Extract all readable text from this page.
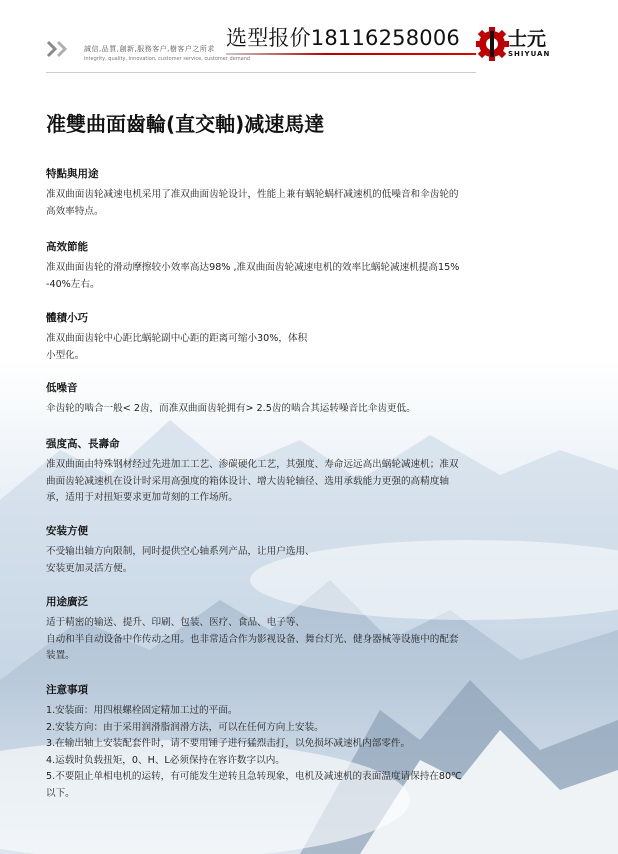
誠信,品質,創新,服務客户,樹客户之所求
integrity, quality, innovation, customer service, customer demand
选型报价18116258006	士元
SHIYUAN
准雙曲面齒輪(直交軸)减速馬達
特點與用途

准双曲面齿轮减速电机采用了准双曲面齿轮设计，性能上兼有蜗轮蜗杆减速机的低噪音和伞齿轮的
高效率特点。

高效節能

准双曲面齿轮的滑动摩擦较小效率高达98% ,准双曲面齿轮减速电机的效率比蜗轮减速机提高15%
-40%左右。

體積小巧

准双曲面齿轮中心距比蜗轮副中心距的距离可缩小30%，体积
小型化。

低噪音

伞齿轮的啮合一般< 2齿，而准双曲面齿轮拥有> 2.5齿的啮合其运转噪音比伞齿更低。

强度高、長壽命

准双曲面由特殊钢材经过先进加工工艺、渗碳硬化工艺，其强度、寿命远远高出蜗轮减速机；准双
曲面齿轮减速机在设计时采用高强度的箱体设计、增大齿轮轴径、选用承载能力更强的高精度轴
承，适用于对扭矩要求更加苛刻的工作场所。

安装方便

不受输出轴方向限制，同时提供空心轴系列产品，让用户选用、
安装更加灵活方便。

用途廣泛

适于精密的输送、提升、印刷、包装、医疗、食品、电子等、
自动和半自动设备中作传动之用。也非常适合作为影视设备、舞台灯光、健身器械等设施中的配套
装置。

注意事項

1.安装面：用四根螺栓固定精加工过的平面。
2.安装方向：由于采用润滑脂润滑方法，可以在任何方向上安装。
3.在输出轴上安装配套件时，请不要用锤子进行猛烈击打，以免损坏减速机内部零件。
4.运载时负载扭矩，0、H、L必须保持在容许数字以内。
5.不要阻止单相电机的运转，有可能发生逆转且急转现象，电机及减速机的表面温度请保持在80℃
以下。
